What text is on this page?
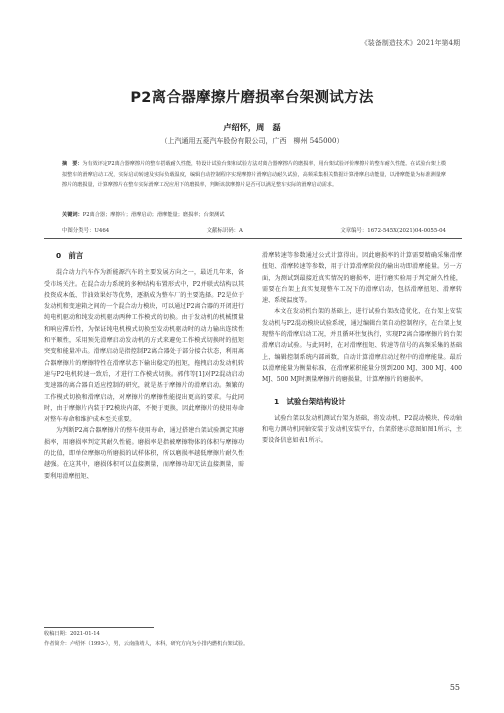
《装备制造技术》2021年第4期
P2离合器摩擦片磨损率台架测试方法
卢绍怀，周　磊
（上汽通用五菱汽车股份有限公司，广西　柳州 545000）
摘　要：为有效评定P2离合器摩擦片的整车搭载耐久性能，特设计试验台架和试验方法对离合器摩擦片的磨损率，用台架试验评价摩擦片的整车耐久性能。在试验台架上模拟整车的滑摩启动工况，实际启动转速及实际负载温度，编辑自动控制程序实现摩擦片滑摩启动耐久试验，高频采集相关数据计算滑摩启动能量，以滑摩能量为标准测量摩擦片的磨损量，计算摩擦片在整车实际滑摩工况应用下的磨损率，判断该款摩擦片是否可以满足整车实际的滑摩启动需求。
关键词：P2离合器；摩擦片；滑摩启动；滑摩能量；磨损率；台架测试
中图分类号：U464	文献标识码：A	文章编号：1672-545X(2021)04-0055-04

0　前言

混合动力汽车作为新能源汽车的主要发展方向之一，最近几年来，备受市场关注。在混合动力系统的多种结构布置形式中，P2并联式结构以其投资成本低、节油效果好等优势，逐渐成为整车厂的主要选择。P2是位于发动机和变速箱之间的一个混合动力模块，可以通过P2离合器的开闭进行纯电机驱动和纯发动机驱动两种工作模式的切换。由于发动机的机械惯量和响应滞后性，为保证纯电机模式切换至发动机驱动时的动力输出连续性和平顺性，采用预先滑摩启动发动机的方式来避免工作模式切换时的扭矩突变和能量冲击。滑摩启动是指控制P2离合器处于部分接合状态，利用离合器摩擦片的摩擦特性在滑摩状态下输出稳定的扭矩，拖拽启动发动机转速与P2电机转速一致后，才进行工作模式切换。郭伟等[1]对P2混动启动变速器的离合器自适应控制的研究，就是基于摩擦片的滑摩启动。频繁的工作模式切换和滑摩启动，对摩擦片的摩擦性能提出更高的要求。与此同时，由于摩擦片内装于P2模块内部，不便于更换，因此摩擦片的使用寿命对整车寿命和维护成本至关重要。

为判断P2离合器摩擦片的整车使用寿命，通过搭建台架试验测定其磨损率，用磨损率判定其耐久性能。磨损率是指被摩擦物体的体积与摩擦功的比值，即单位摩擦功所磨损的试样体积，所以磨损率越低摩擦片耐久性越强。在这其中，磨损体积可以直接测量，而摩擦功却无法直接测量，需要利用滑摩扭矩、

滑摩转速等参数通过公式计算得出。因此磨损率的计算需要精确采集滑摩扭矩、滑摩转速等参数，用于计算滑摩阶段的输出功即滑摩能量。另一方面，为测试到最接近真实情况的磨损率，进行磨实验用于判定耐久性能，需要在台架上真实复现整车工况下的滑摩启动，包括滑摩扭矩、滑摩转速、系统温度等。

本文在发动机台架的基础上，进行试验台架改造优化，在台架上安装发动机与P2混动模块试验系统，通过编辑台架自动控制程序，在台架上复现整车的滑摩启动工况，并且循环往复执行，实现P2离合器摩擦片的台架滑摩启动试验。与此同时，在对滑摩扭矩、转速等信号的高频采集的基础上，编辑控制系统内部函数，自动计算滑摩启动过程中的滑摩能量。最后以滑摩能量为衡量标准，在滑摩累积能量分别到200 MJ、300 MJ、400 MJ、500 MJ时测量摩擦片的磨损量，计算摩擦片的磨损率。

1　试验台架结构设计

试验台架以发动机测试台架为基础，将发动机、P2混动模块、传动轴和电力测功机同轴安装于发动机安装平台，台架搭建示意图如图1所示，主要设备信息如表1所示。

收稿日期：2021-01-14
作者简介：卢绍怀（1993-），男，云南曲靖人，本科，研究方向为小排内燃机台架试验。
55
